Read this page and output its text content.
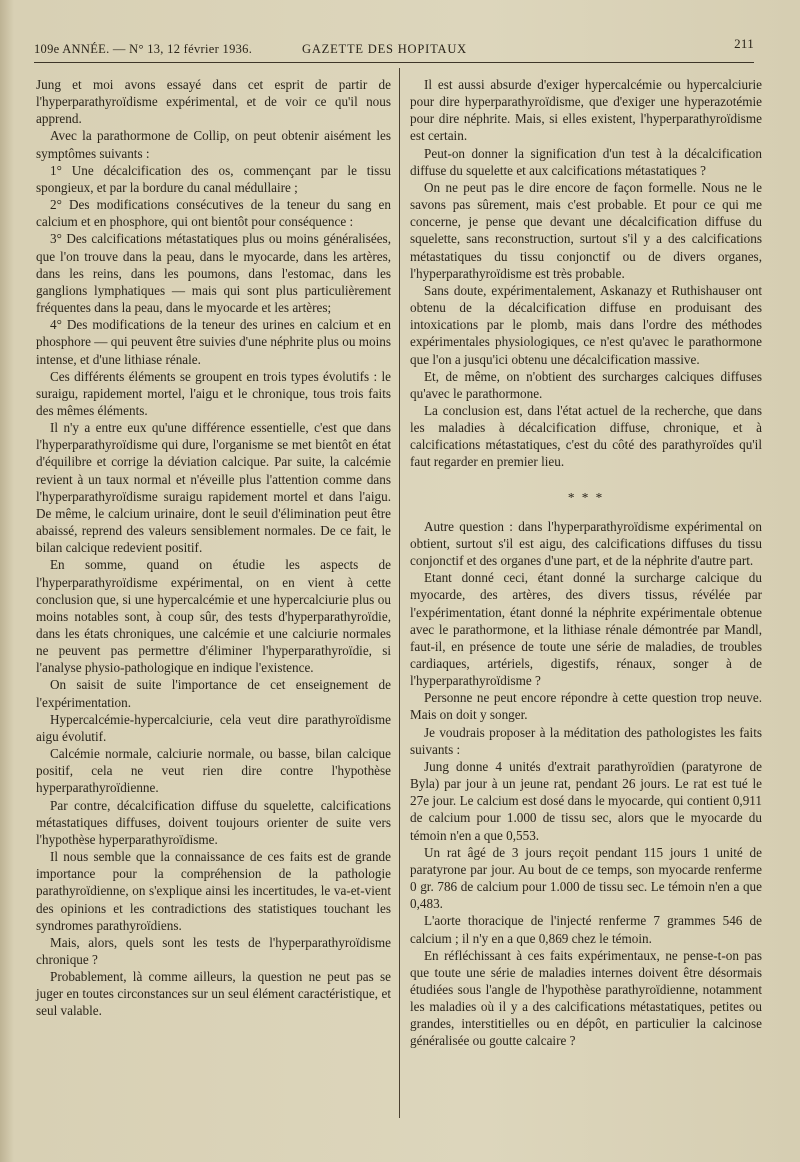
109e ANNÉE. — N° 13, 12 février 1936.	GAZETTE DES HOPITAUX	211

Jung et moi avons essayé dans cet esprit de partir de l'hyperparathyroïdisme expérimental, et de voir ce qu'il nous apprend.

Avec la parathormone de Collip, on peut obtenir aisément les symptômes suivants :

1° Une décalcification des os, commençant par le tissu spongieux, et par la bordure du canal médullaire ;

2° Des modifications consécutives de la teneur du sang en calcium et en phosphore, qui ont bientôt pour conséquence :

3° Des calcifications métastatiques plus ou moins généralisées, que l'on trouve dans la peau, dans le myocarde, dans les artères, dans les reins, dans les poumons, dans l'estomac, dans les ganglions lymphatiques — mais qui sont plus particulièrement fréquentes dans la peau, dans le myocarde et les artères;

4° Des modifications de la teneur des urines en calcium et en phosphore — qui peuvent être suivies d'une néphrite plus ou moins intense, et d'une lithiase rénale.

Ces différents éléments se groupent en trois types évolutifs : le suraigu, rapidement mortel, l'aigu et le chronique, tous trois faits des mêmes éléments.

Il n'y a entre eux qu'une différence essentielle, c'est que dans l'hyperparathyroïdisme qui dure, l'organisme se met bientôt en état d'équilibre et corrige la déviation calcique. Par suite, la calcémie revient à un taux normal et n'éveille plus l'attention comme dans l'hyperparathyroïdisme suraigu rapidement mortel et dans l'aigu. De même, le calcium urinaire, dont le seuil d'élimination peut être abaissé, reprend des valeurs sensiblement normales. De ce fait, le bilan calcique redevient positif.

En somme, quand on étudie les aspects de l'hyperparathyroïdisme expérimental, on en vient à cette conclusion que, si une hypercalcémie et une hypercalciurie plus ou moins notables sont, à coup sûr, des tests d'hyperparathyroïdie, dans les états chroniques, une calcémie et une calciurie normales ne peuvent pas permettre d'éliminer l'hyperparathyroïdie, si l'analyse physio-pathologique en indique l'existence.

On saisit de suite l'importance de cet enseignement de l'expérimentation.

Hypercalcémie-hypercalciurie, cela veut dire parathyroïdisme aigu évolutif.

Calcémie normale, calciurie normale, ou basse, bilan calcique positif, cela ne veut rien dire contre l'hypothèse hyperparathyroïdienne.

Par contre, décalcification diffuse du squelette, calcifications métastatiques diffuses, doivent toujours orienter de suite vers l'hypothèse hyperparathyroïdisme.

Il nous semble que la connaissance de ces faits est de grande importance pour la compréhension de la pathologie parathyroïdienne, on s'explique ainsi les incertitudes, le va-et-vient des opinions et les contradictions des statistiques touchant les syndromes parathyroïdiens.

Mais, alors, quels sont les tests de l'hyperparathyroïdisme chronique ?

Probablement, là comme ailleurs, la question ne peut pas se juger en toutes circonstances sur un seul élément caractéristique, et seul valable.

Il est aussi absurde d'exiger hypercalcémie ou hypercalciurie pour dire hyperparathyroïdisme, que d'exiger une hyperazotémie pour dire néphrite. Mais, si elles existent, l'hyperparathyroïdisme est certain.

Peut-on donner la signification d'un test à la décalcification diffuse du squelette et aux calcifications métastatiques ?

On ne peut pas le dire encore de façon formelle. Nous ne le savons pas sûrement, mais c'est probable. Et pour ce qui me concerne, je pense que devant une décalcification diffuse du squelette, sans reconstruction, surtout s'il y a des calcifications métastatiques du tissu conjonctif ou de divers organes, l'hyperparathyroïdisme est très probable.

Sans doute, expérimentalement, Askanazy et Ruthishauser ont obtenu de la décalcification diffuse en produisant des intoxications par le plomb, mais dans l'ordre des méthodes expérimentales physiologiques, ce n'est qu'avec le parathormone que l'on a jusqu'ici obtenu une décalcification massive.

Et, de même, on n'obtient des surcharges calciques diffuses qu'avec le parathormone.

La conclusion est, dans l'état actuel de la recherche, que dans les maladies à décalcification diffuse, chronique, et à calcifications métastatiques, c'est du côté des parathyroïdes qu'il faut regarder en premier lieu.

* * *

Autre question : dans l'hyperparathyroïdisme expérimental on obtient, surtout s'il est aigu, des calcifications diffuses du tissu conjonctif et des organes d'une part, et de la néphrite d'autre part.

Etant donné ceci, étant donné la surcharge calcique du myocarde, des artères, des divers tissus, révélée par l'expérimentation, étant donné la néphrite expérimentale obtenue avec le parathormone, et la lithiase rénale démontrée par Mandl, faut-il, en présence de toute une série de maladies, de troubles cardiaques, artériels, digestifs, rénaux, songer à de l'hyperparathyroïdisme ?

Personne ne peut encore répondre à cette question trop neuve. Mais on doit y songer.

Je voudrais proposer à la méditation des pathologistes les faits suivants :

Jung donne 4 unités d'extrait parathyroïdien (paratyrone de Byla) par jour à un jeune rat, pendant 26 jours. Le rat est tué le 27e jour. Le calcium est dosé dans le myocarde, qui contient 0,911 de calcium pour 1.000 de tissu sec, alors que le myocarde du témoin n'en a que 0,553.

Un rat âgé de 3 jours reçoit pendant 115 jours 1 unité de paratyrone par jour. Au bout de ce temps, son myocarde renferme 0 gr. 786 de calcium pour 1.000 de tissu sec. Le témoin n'en a que 0,483.

L'aorte thoracique de l'injecté renferme 7 grammes 546 de calcium ; il n'y en a que 0,869 chez le témoin.

En réfléchissant à ces faits expérimentaux, ne pense-t-on pas que toute une série de maladies internes doivent être désormais étudiées sous l'angle de l'hypothèse parathyroïdienne, notamment les maladies où il y a des calcifications métastatiques, petites ou grandes, interstitielles ou en dépôt, en particulier la calcinose généralisée ou goutte calcaire ?
